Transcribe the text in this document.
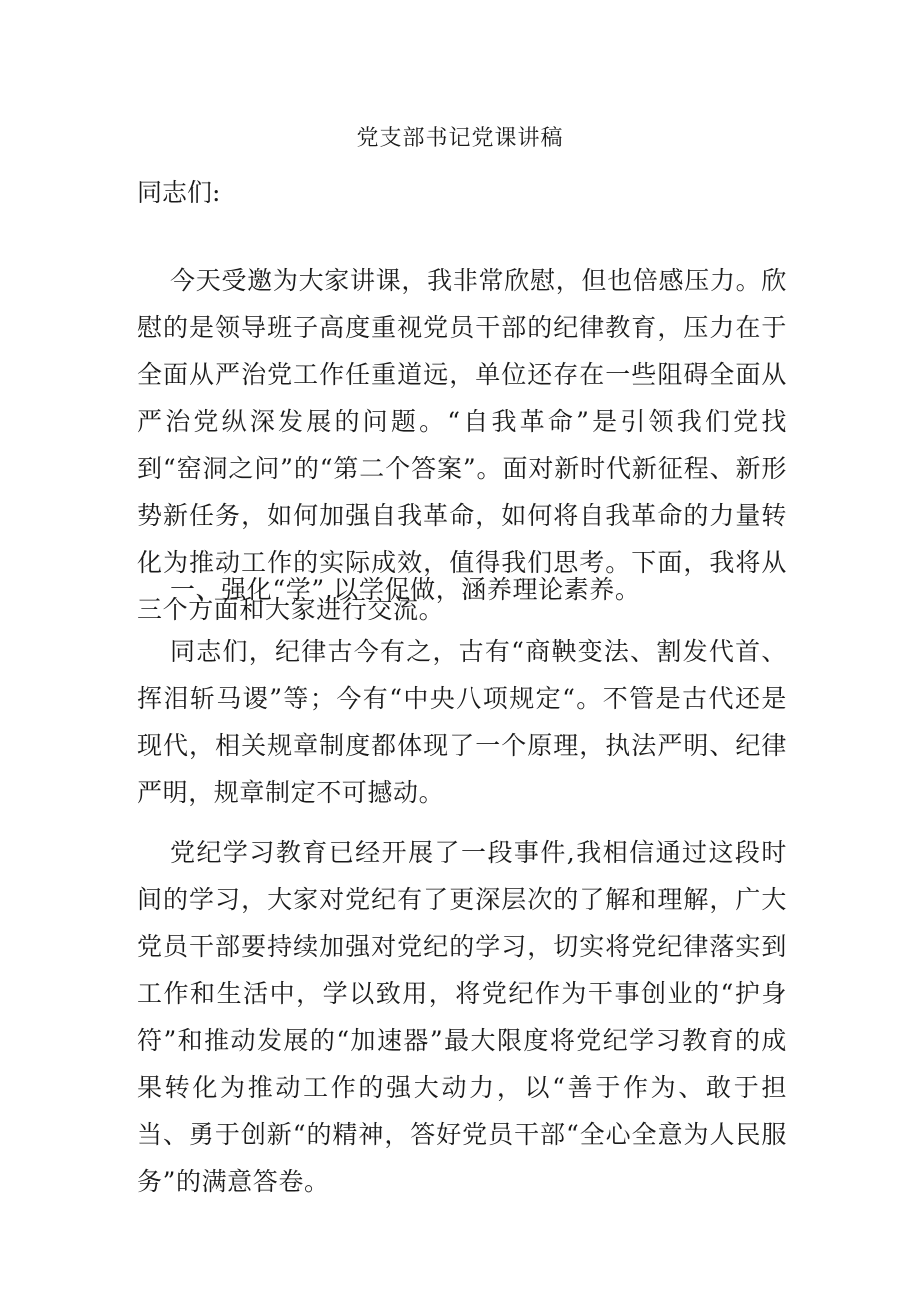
党支部书记党课讲稿
同志们:

今天受邀为大家讲课，我非常欣慰，但也倍感压力。欣慰的是领导班子高度重视党员干部的纪律教育，压力在于全面从严治党工作任重道远，单位还存在一些阻碍全面从严治党纵深发展的问题。“自我革命”是引领我们党找到“窑洞之问”的“第二个答案”。面对新时代新征程、新形势新任务，如何加强自我革命，如何将自我革命的力量转化为推动工作的实际成效，值得我们思考。下面，我将从三个方面和大家进行交流。

一、强化“学”,以学促做，涵养理论素养。

同志们，纪律古今有之，古有“商鞅变法、割发代首、挥泪斩马谡”等；今有“中央八项规定“。不管是古代还是现代，相关规章制度都体现了一个原理，执法严明、纪律严明，规章制定不可撼动。

党纪学习教育已经开展了一段事件,我相信通过这段时间的学习，大家对党纪有了更深层次的了解和理解，广大党员干部要持续加强对党纪的学习，切实将党纪律落实到工作和生活中，学以致用，将党纪作为干事创业的“护身符”和推动发展的“加速器”最大限度将党纪学习教育的成果转化为推动工作的强大动力，以“善于作为、敢于担当、勇于创新“的精神，答好党员干部“全心全意为人民服务”的满意答卷。
